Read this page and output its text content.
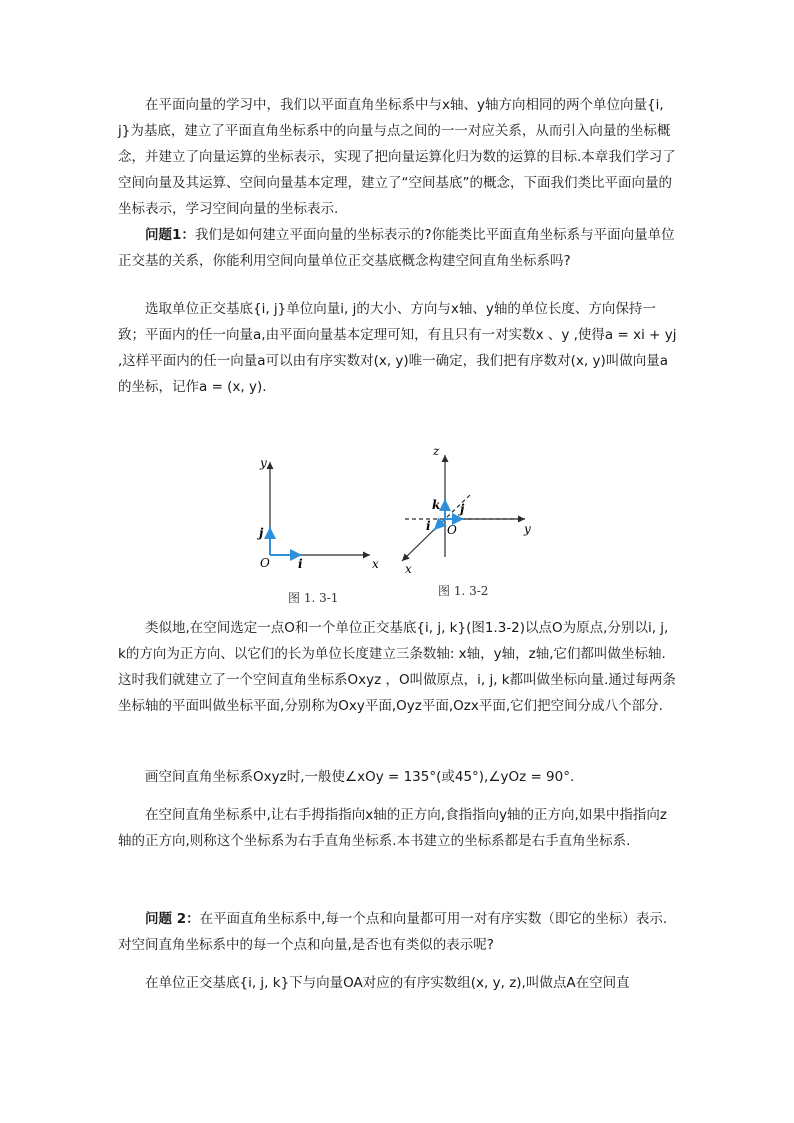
在平面向量的学习中，我们以平面直角坐标系中与x轴、y轴方向相同的两个单位向量{i, j}为基底，建立了平面直角坐标系中的向量与点之间的一一对应关系，从而引入向量的坐标概念，并建立了向量运算的坐标表示，实现了把向量运算化归为数的运算的目标.本章我们学习了空间向量及其运算、空间向量基本定理，建立了“空间基底”的概念，下面我们类比平面向量的坐标表示，学习空间向量的坐标表示.

问题1：我们是如何建立平面向量的坐标表示的?你能类比平面直角坐标系与平面向量单位正交基的关系，你能利用空间向量单位正交基底概念构建空间直角坐标系吗?

选取单位正交基底{i, j}单位向量i, j的大小、方向与x轴、y轴的单位长度、方向保持一致；平面内的任一向量a,由平面向量基本定理可知，有且只有一对实数x 、y ,使得a = xi + yj ,这样平面内的任一向量a可以由有序实数对(x, y)唯一确定，我们把有序数对(x, y)叫做向量a的坐标，记作a = (x, y).

y
x
O
j
i
z
y
x
O
i
j
k
图 1. 3-1	图 1. 3-2

类似地,在空间选定一点O和一个单位正交基底{i, j, k}(图1.3-2)以点O为原点,分别以i, j, k的方向为正方向、以它们的长为单位长度建立三条数轴: x轴，y轴，z轴,它们都叫做坐标轴.这时我们就建立了一个空间直角坐标系Oxyz ，O叫做原点，i, j, k都叫做坐标向量.通过每两条坐标轴的平面叫做坐标平面,分别称为Oxy平面,Oyz平面,Ozx平面,它们把空间分成八个部分.

画空间直角坐标系Oxyz时,一般使∠xOy = 135°(或45°),∠yOz = 90°.

在空间直角坐标系中,让右手拇指指向x轴的正方向,食指指向y轴的正方向,如果中指指向z轴的正方向,则称这个坐标系为右手直角坐标系.本书建立的坐标系都是右手直角坐标系.

问题 2：在平面直角坐标系中,每一个点和向量都可用一对有序实数（即它的坐标）表示.对空间直角坐标系中的每一个点和向量,是否也有类似的表示呢?

在单位正交基底{i, j, k}下与向量OA对应的有序实数组(x, y, z),叫做点A在空间直
